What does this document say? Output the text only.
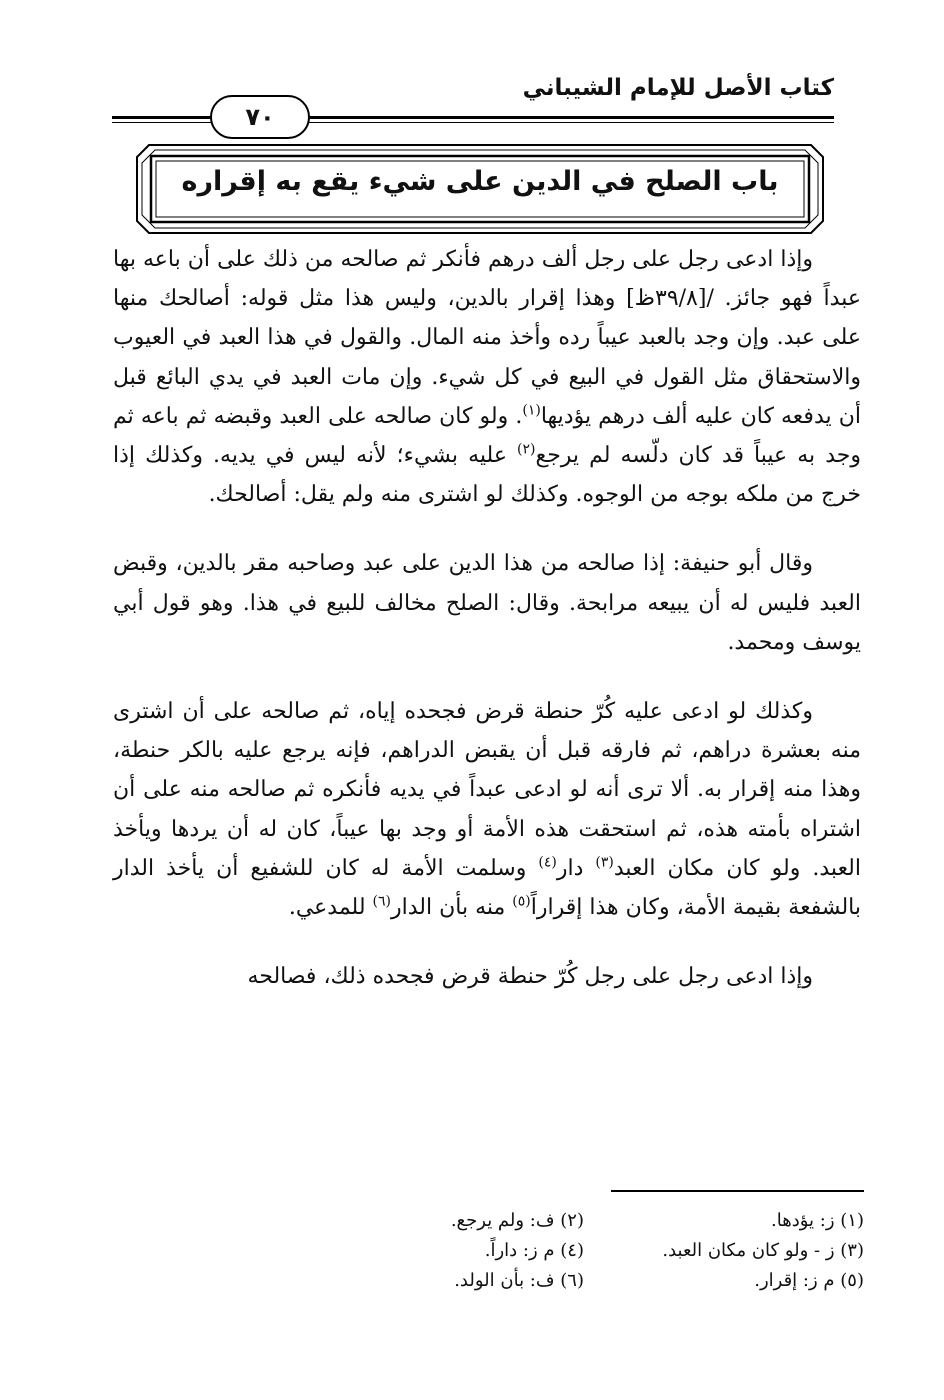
كتاب الأصل للإمام الشيباني
٧٠
باب الصلح في الدين على شيء يقع به إقراره

وإذا ادعى رجل على رجل ألف درهم فأنكر ثم صالحه من ذلك على أن باعه بها عبداً فهو جائز. /[٣٩/٨ظ] وهذا إقرار بالدين، وليس هذا مثل قوله: أصالحك منها على عبد. وإن وجد بالعبد عيباً رده وأخذ منه المال. والقول في هذا العبد في العيوب والاستحقاق مثل القول في البيع في كل شيء. وإن مات العبد في يدي البائع قبل أن يدفعه كان عليه ألف درهم يؤديها$^{(١)}$. ولو كان صالحه على العبد وقبضه ثم باعه ثم وجد به عيباً قد كان دلّسه لم يرجع$^{(٢)}$ عليه بشيء؛ لأنه ليس في يديه. وكذلك إذا خرج من ملكه بوجه من الوجوه. وكذلك لو اشترى منه ولم يقل: أصالحك.

وقال أبو حنيفة: إذا صالحه من هذا الدين على عبد وصاحبه مقر بالدين، وقبض العبد فليس له أن يبيعه مرابحة. وقال: الصلح مخالف للبيع في هذا. وهو قول أبي يوسف ومحمد.

وكذلك لو ادعى عليه كُرّ حنطة قرض فجحده إياه، ثم صالحه على أن اشترى منه بعشرة دراهم، ثم فارقه قبل أن يقبض الدراهم، فإنه يرجع عليه بالكر حنطة، وهذا منه إقرار به. ألا ترى أنه لو ادعى عبداً في يديه فأنكره ثم صالحه منه على أن اشتراه بأمته هذه، ثم استحقت هذه الأمة أو وجد بها عيباً، كان له أن يردها ويأخذ العبد. ولو كان مكان العبد$^{(٣)}$ دار$^{(٤)}$ وسلمت الأمة له كان للشفيع أن يأخذ الدار بالشفعة بقيمة الأمة، وكان هذا إقراراً$^{(٥)}$ منه بأن الدار$^{(٦)}$ للمدعي.

وإذا ادعى رجل على رجل كُرّ حنطة قرض فجحده ذلك، فصالحه

(١) ز: يؤدها.
(٢) ف: ولم يرجع.
(٣) ز - ولو كان مكان العبد.
(٤) م ز: داراً.
(٥) م ز: إقرار.
(٦) ف: بأن الولد.
